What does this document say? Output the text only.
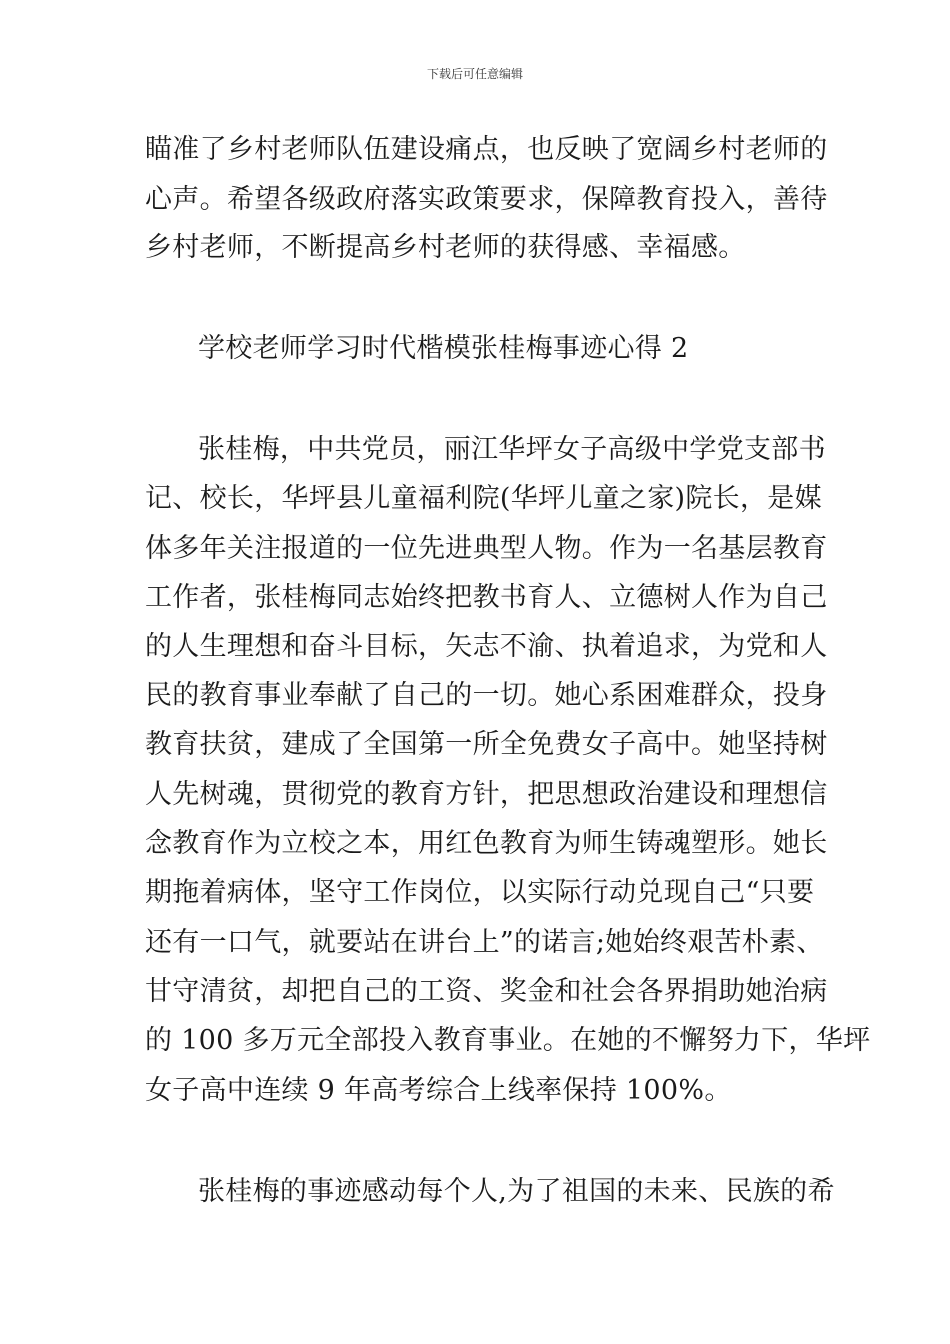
下载后可任意编辑
瞄准了乡村老师队伍建设痛点，也反映了宽阔乡村老师的
心声。希望各级政府落实政策要求，保障教育投入，善待
乡村老师，不断提高乡村老师的获得感、幸福感。
学校老师学习时代楷模张桂梅事迹心得 2
张桂梅，中共党员，丽江华坪女子高级中学党支部书
记、校长，华坪县儿童福利院(华坪儿童之家)院长，是媒
体多年关注报道的一位先进典型人物。作为一名基层教育
工作者，张桂梅同志始终把教书育人、立德树人作为自己
的人生理想和奋斗目标，矢志不渝、执着追求，为党和人
民的教育事业奉献了自己的一切。她心系困难群众，投身
教育扶贫，建成了全国第一所全免费女子高中。她坚持树
人先树魂，贯彻党的教育方针，把思想政治建设和理想信
念教育作为立校之本，用红色教育为师生铸魂塑形。她长
期拖着病体，坚守工作岗位，以实际行动兑现自己“只要
还有一口气，就要站在讲台上”的诺言;她始终艰苦朴素、
甘守清贫，却把自己的工资、奖金和社会各界捐助她治病
的 100 多万元全部投入教育事业。在她的不懈努力下，华坪
女子高中连续 9 年高考综合上线率保持 100%。
张桂梅的事迹感动每个人,为了祖国的未来、民族的希
